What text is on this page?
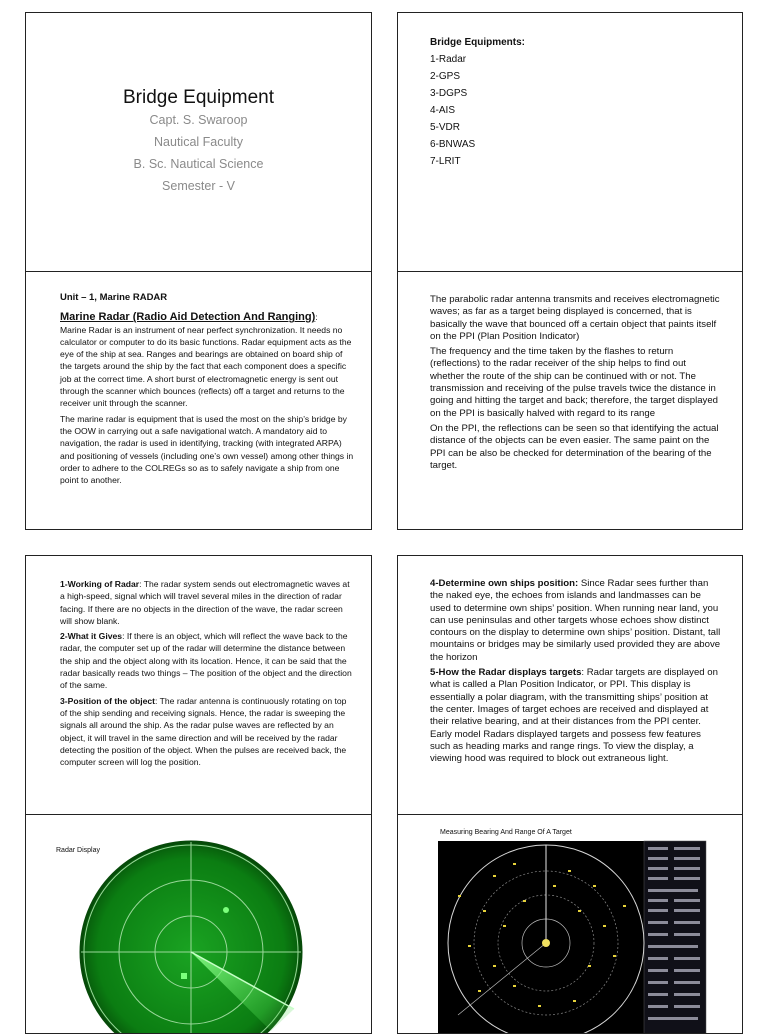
Bridge Equipment
Capt. S. Swaroop
Nautical Faculty
B. Sc. Nautical Science
Semester - V
Bridge Equipments:
1-Radar
2-GPS
3-DGPS
4-AIS
5-VDR
6-BNWAS
7-LRIT
Unit – 1, Marine RADAR
Marine Radar (Radio Aid Detection And Ranging):

Marine Radar is an instrument of near perfect synchronization. It needs no calculator or computer to do its basic functions. Radar equipment acts as the eye of the ship at sea. Ranges and bearings are obtained on board ship of the targets around the ship by the fact that each component does a specific job at the correct time. A short burst of electromagnetic energy is sent out through the scanner which bounces (reflects) off a target and returns to the receiver unit through the scanner.

The marine radar is equipment that is used the most on the ship’s bridge by the OOW in carrying out a safe navigational watch. A mandatory aid to navigation, the radar is used in identifying, tracking (with integrated ARPA) and positioning of vessels (including one’s own vessel) among other things in order to adhere to the COLREGs so as to safely navigate a ship from one point to another.

The parabolic radar antenna transmits and receives electromagnetic waves; as far as a target being displayed is concerned, that is basically the wave that bounced off a certain object that paints itself on the PPI (Plan Position Indicator)

The frequency and the time taken by the flashes to return (reflections) to the radar receiver of the ship helps to find out whether the route of the ship can be continued with or not. The transmission and receiving of the pulse travels twice the distance in going and hitting the target and back; therefore, the target displayed on the PPI is basically halved with regard to its range

On the PPI, the reflections can be seen so that identifying the actual distance of the objects can be even easier. The same paint on the PPI can be also be checked for determination of the bearing of the target.

1-Working of Radar: The radar system sends out electromagnetic waves at a high-speed, signal which will travel several miles in the direction of radar facing. If there are no objects in the direction of the wave, the radar screen will show blank.

2-What it Gives: If there is an object, which will reflect the wave back to the radar, the computer set up of the radar will determine the distance between the ship and the object along with its location. Hence, it can be said that the radar basically reads two things – The position of the object and the direction of the same.

3-Position of the object: The radar antenna is continuously rotating on top of the ship sending and receiving signals. Hence, the radar is sweeping the signals all around the ship. As the radar pulse waves are reflected by an object, it will travel in the same direction and will be received by the radar detecting the position of the object. When the pulses are received back, the computer screen will log the position.

4-Determine own ships position: Since Radar sees further than the naked eye, the echoes from islands and landmasses can be used to determine own ships’ position. When running near land, you can use peninsulas and other targets whose echoes show distinct contours on the display to determine own ships’ position. Distant, tall mountains or bridges may be similarly used provided they are above the horizon

5-How the Radar displays targets: Radar targets are displayed on what is called a Plan Position Indicator, or PPI. This display is essentially a polar diagram, with the transmitting ships’ position at the center. Images of target echoes are received and displayed at their relative bearing, and at their distances from the PPI center. Early model Radars displayed targets and possess few features such as heading marks and range rings. To view the display, a viewing hood was required to block out extraneous light.

Radar Display
Measuring Bearing And Range Of A Target
